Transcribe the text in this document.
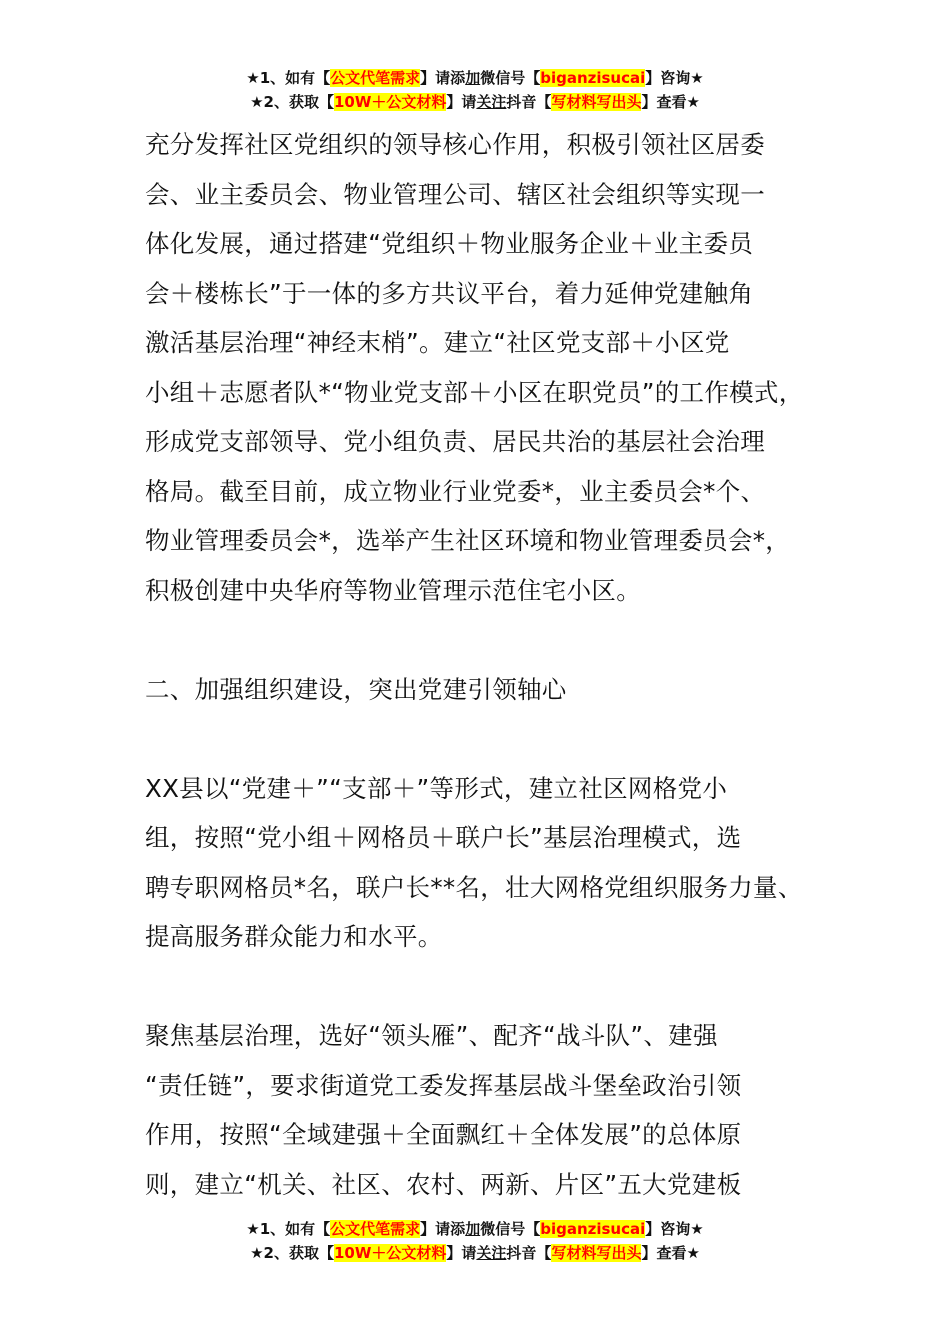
★1、如有【公文代笔需求】请添加微信号【biganzisucai】咨询★
★2、获取【10W＋公文材料】请关注抖音【写材料写出头】查看★

充分发挥社区党组织的领导核心作用，积极引领社区居委

会、业主委员会、物业管理公司、辖区社会组织等实现一

体化发展，通过搭建“党组织＋物业服务企业＋业主委员

会＋楼栋长”于一体的多方共议平台，着力延伸党建触角

激活基层治理“神经末梢”。建立“社区党支部＋小区党

小组＋志愿者队*“物业党支部＋小区在职党员”的工作模式，

形成党支部领导、党小组负责、居民共治的基层社会治理

格局。截至目前，成立物业行业党委*，业主委员会*个、

物业管理委员会*，选举产生社区环境和物业管理委员会*，

积极创建中央华府等物业管理示范住宅小区。

二、加强组织建设，突出党建引领轴心

XX县以“党建＋”“支部＋”等形式，建立社区网格党小

组，按照“党小组＋网格员＋联户长”基层治理模式，选

聘专职网格员*名，联户长**名，壮大网格党组织服务力量、

提高服务群众能力和水平。

聚焦基层治理，选好“领头雁”、配齐“战斗队”、建强

“责任链”，要求街道党工委发挥基层战斗堡垒政治引领

作用，按照“全域建强＋全面飘红＋全体发展”的总体原

则，建立“机关、社区、农村、两新、片区”五大党建板

★1、如有【公文代笔需求】请添加微信号【biganzisucai】咨询★
★2、获取【10W＋公文材料】请关注抖音【写材料写出头】查看★
